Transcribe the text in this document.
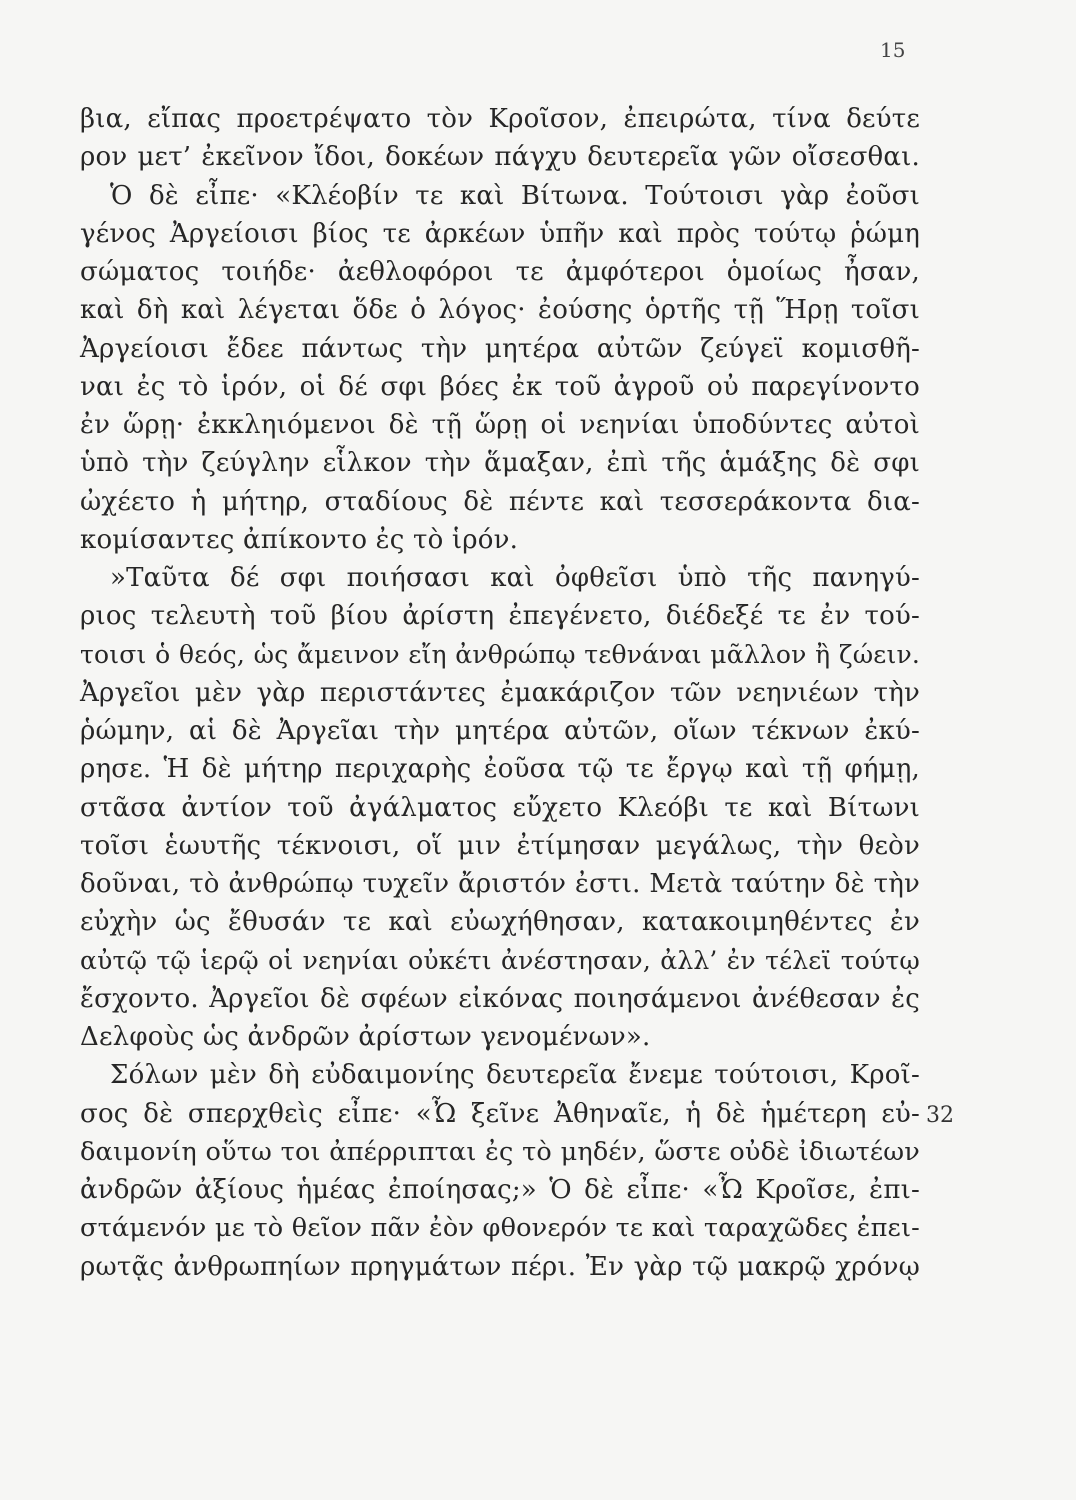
15
βια, εἴπας προετρέψατο τὸν Κροῖσον, ἐπειρώτα, τίνα δεύτε
ρον μετ’ ἐκεῖνον ἴδοι, δοκέων πάγχυ δευτερεῖα γῶν οἴσεσθαι.
Ὁ δὲ εἶπε· «Κλέοβίν τε καὶ Βίτωνα. Τούτοισι γὰρ ἐοῦσι
γένος Ἀργείοισι βίος τε ἀρκέων ὑπῆν καὶ πρὸς τούτῳ ῥώμη
σώματος τοιήδε· ἀεθλοφόροι τε ἀμφότεροι ὁμοίως ἦσαν,
καὶ δὴ καὶ λέγεται ὅδε ὁ λόγος· ἐούσης ὁρτῆς τῇ Ἥρῃ τοῖσι
Ἀργείοισι ἔδεε πάντως τὴν μητέρα αὐτῶν ζεύγεϊ κομισθῆ-
ναι ἐς τὸ ἱρόν, οἱ δέ σφι βόες ἐκ τοῦ ἀγροῦ οὐ παρεγίνοντο
ἐν ὥρῃ· ἐκκληιόμενοι δὲ τῇ ὥρῃ οἱ νεηνίαι ὑποδύντες αὐτοὶ
ὑπὸ τὴν ζεύγλην εἷλκον τὴν ἅμαξαν, ἐπὶ τῆς ἁμάξης δὲ σφι
ὠχέετο ἡ μήτηρ, σταδίους δὲ πέντε καὶ τεσσεράκοντα δια-
κομίσαντες ἀπίκοντο ἐς τὸ ἱρόν.
»Ταῦτα δέ σφι ποιήσασι καὶ ὀφθεῖσι ὑπὸ τῆς πανηγύ-
ριος τελευτὴ τοῦ βίου ἀρίστη ἐπεγένετο, διέδεξέ τε ἐν τού-
τοισι ὁ θεός, ὡς ἄμεινον εἴη ἀνθρώπῳ τεθνάναι μᾶλλον ἢ ζώειν.
Ἀργεῖοι μὲν γὰρ περιστάντες ἐμακάριζον τῶν νεηνιέων τὴν
ῥώμην, αἱ δὲ Ἀργεῖαι τὴν μητέρα αὐτῶν, οἵων τέκνων ἐκύ-
ρησε. Ἡ δὲ μήτηρ περιχαρὴς ἐοῦσα τῷ τε ἔργῳ καὶ τῇ φήμῃ,
στᾶσα ἀντίον τοῦ ἀγάλματος εὔχετο Κλεόβι τε καὶ Βίτωνι
τοῖσι ἑωυτῆς τέκνοισι, οἵ μιν ἐτίμησαν μεγάλως, τὴν θεὸν
δοῦναι, τὸ ἀνθρώπῳ τυχεῖν ἄριστόν ἐστι. Μετὰ ταύτην δὲ τὴν
εὐχὴν ὡς ἔθυσάν τε καὶ εὐωχήθησαν, κατακοιμηθέντες ἐν
αὐτῷ τῷ ἱερῷ οἱ νεηνίαι οὐκέτι ἀνέστησαν, ἀλλ’ ἐν τέλεϊ τούτῳ
ἔσχοντο. Ἀργεῖοι δὲ σφέων εἰκόνας ποιησάμενοι ἀνέθεσαν ἐς
Δελφοὺς ὡς ἀνδρῶν ἀρίστων γενομένων».
Σόλων μὲν δὴ εὐδαιμονίης δευτερεῖα ἔνεμε τούτοισι, Κροῖ-
σος δὲ σπερχθεὶς εἶπε· «Ὦ ξεῖνε Ἀθηναῖε, ἡ δὲ ἡμέτερη εὐ-
δαιμονίη οὕτω τοι ἀπέρριπται ἐς τὸ μηδέν, ὥστε οὐδὲ ἰδιωτέων
ἀνδρῶν ἀξίους ἡμέας ἐποίησας;» Ὁ δὲ εἶπε· «Ὦ Κροῖσε, ἐπι-
στάμενόν με τὸ θεῖον πᾶν ἐὸν φθονερόν τε καὶ ταραχῶδες ἐπει-
ρωτᾷς ἀνθρωπηίων πρηγμάτων πέρι. Ἐν γὰρ τῷ μακρῷ χρόνῳ
32
